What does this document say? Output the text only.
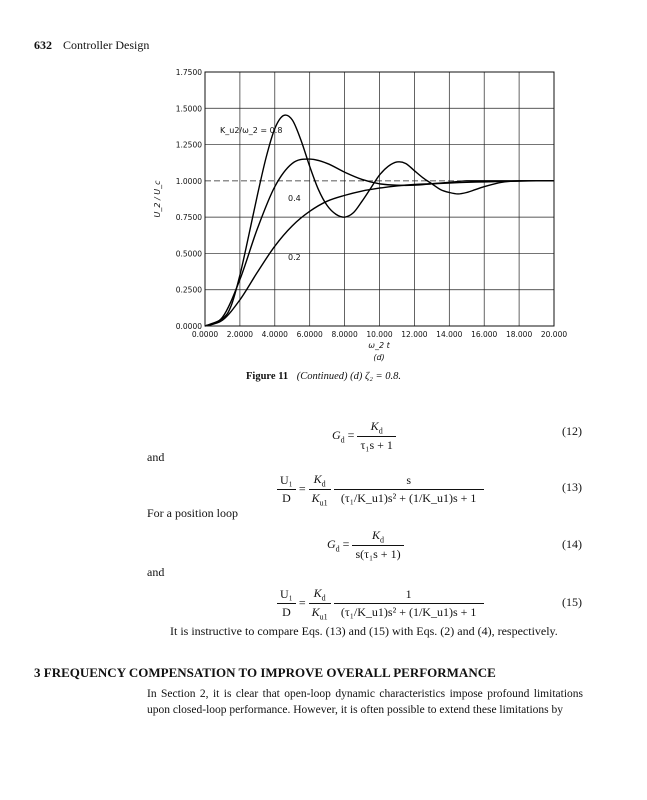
632 Controller Design
0.0000 2.0000 4.0000 6.0000 8.0000 10.000 12.000 14.000 16.000 18.000 20.000
0.0000
0.2500
0.5000
0.7500
1.0000
1.2500
1.5000
1.7500
K_u2/ω_2 = 0.8
0.4
0.2
ω_2 t
(d)
U_2 / U_c
Figure 11 (Continued) (d) ζ₂ = 0.8.
$G_d = \frac{K_d}{\text{τ₁s + 1}}$	(12)
and
$\frac{\text{U₁}}{D} = \frac{K_d}{K_{u1}}$
$\frac{s}{\text{(τ₁/K\_u1)s² + (1/K\_u1)s + 1}}$	(13)
For a position loop
$G_d = \frac{K_d}{\text{s(τ₁s + 1)}}$	(14)
and
$\frac{\text{U₁}}{D} = \frac{K_d}{K_{u1}}$
$\frac{1}{\text{(τ₁/K\_u1)s² + (1/K\_u1)s + 1}}$	(15)
It is instructive to compare Eqs. (13) and (15) with Eqs. (2) and (4), respectively.
3 FREQUENCY COMPENSATION TO IMPROVE OVERALL PERFORMANCE
In Section 2, it is clear that open-loop dynamic characteristics impose profound limitations upon closed-loop performance. However, it is often possible to extend these limitations by
